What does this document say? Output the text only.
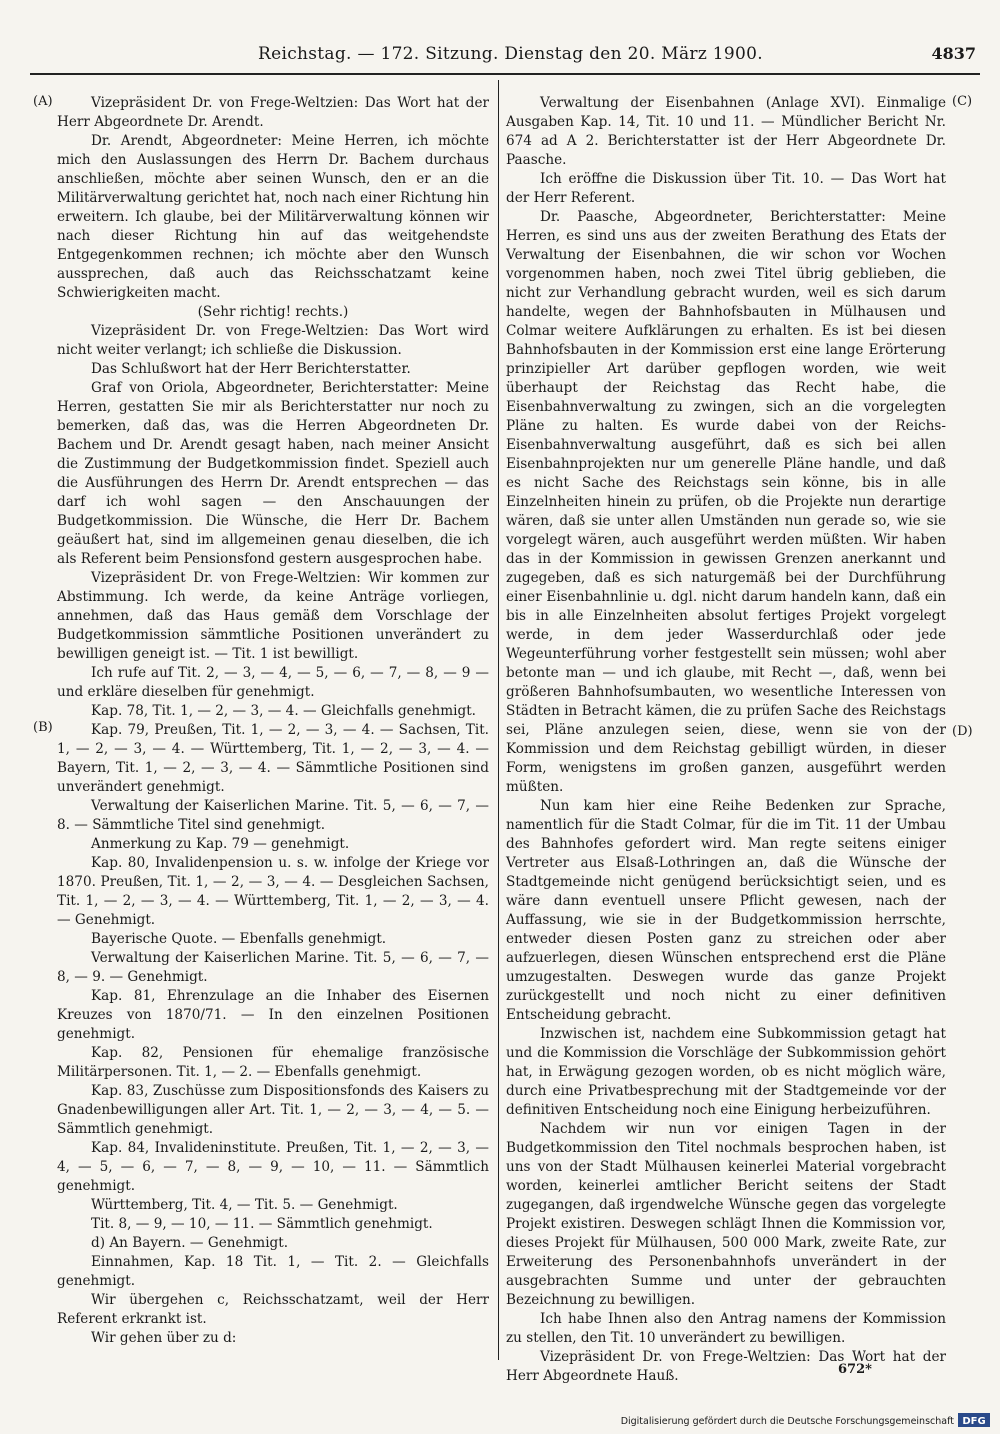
Reichstag. — 172. Sitzung. Dienstag den 20. März 1900.	4837
(A)
(B)
(C)
(D)

Vizepräsident Dr. von Frege-Weltzien: Das Wort hat der Herr Abgeordnete Dr. Arendt.

Dr. Arendt, Abgeordneter: Meine Herren, ich möchte mich den Auslassungen des Herrn Dr. Bachem durchaus anschließen, möchte aber seinen Wunsch, den er an die Militärverwaltung gerichtet hat, noch nach einer Richtung hin erweitern. Ich glaube, bei der Militärverwaltung können wir nach dieser Richtung hin auf das weitgehendste Entgegenkommen rechnen; ich möchte aber den Wunsch aussprechen, daß auch das Reichsschatzamt keine Schwierigkeiten macht.

(Sehr richtig! rechts.)

Vizepräsident Dr. von Frege-Weltzien: Das Wort wird nicht weiter verlangt; ich schließe die Diskussion.

Das Schlußwort hat der Herr Berichterstatter.

Graf von Oriola, Abgeordneter, Berichterstatter: Meine Herren, gestatten Sie mir als Berichterstatter nur noch zu bemerken, daß das, was die Herren Abgeordneten Dr. Bachem und Dr. Arendt gesagt haben, nach meiner Ansicht die Zustimmung der Budgetkommission findet. Speziell auch die Ausführungen des Herrn Dr. Arendt entsprechen — das darf ich wohl sagen — den Anschauungen der Budgetkommission. Die Wünsche, die Herr Dr. Bachem geäußert hat, sind im allgemeinen genau dieselben, die ich als Referent beim Pensionsfond gestern ausgesprochen habe.

Vizepräsident Dr. von Frege-Weltzien: Wir kommen zur Abstimmung. Ich werde, da keine Anträge vorliegen, annehmen, daß das Haus gemäß dem Vorschlage der Budgetkommission sämmtliche Positionen unverändert zu bewilligen geneigt ist. — Tit. 1 ist bewilligt.

Ich rufe auf Tit. 2, — 3, — 4, — 5, — 6, — 7, — 8, — 9 — und erkläre dieselben für genehmigt.

Kap. 78, Tit. 1, — 2, — 3, — 4. — Gleichfalls genehmigt.

Kap. 79, Preußen, Tit. 1, — 2, — 3, — 4. — Sachsen, Tit. 1, — 2, — 3, — 4. — Württemberg, Tit. 1, — 2, — 3, — 4. — Bayern, Tit. 1, — 2, — 3, — 4. — Sämmtliche Positionen sind unverändert genehmigt.

Verwaltung der Kaiserlichen Marine. Tit. 5, — 6, — 7, — 8. — Sämmtliche Titel sind genehmigt.

Anmerkung zu Kap. 79 — genehmigt.

Kap. 80, Invalidenpension u. s. w. infolge der Kriege vor 1870. Preußen, Tit. 1, — 2, — 3, — 4. — Desgleichen Sachsen, Tit. 1, — 2, — 3, — 4. — Württemberg, Tit. 1, — 2, — 3, — 4. — Genehmigt.

Bayerische Quote. — Ebenfalls genehmigt.

Verwaltung der Kaiserlichen Marine. Tit. 5, — 6, — 7, — 8, — 9. — Genehmigt.

Kap. 81, Ehrenzulage an die Inhaber des Eisernen Kreuzes von 1870/71. — In den einzelnen Positionen genehmigt.

Kap. 82, Pensionen für ehemalige französische Militärpersonen. Tit. 1, — 2. — Ebenfalls genehmigt.

Kap. 83, Zuschüsse zum Dispositionsfonds des Kaisers zu Gnadenbewilligungen aller Art. Tit. 1, — 2, — 3, — 4, — 5. — Sämmtlich genehmigt.

Kap. 84, Invalideninstitute. Preußen, Tit. 1, — 2, — 3, — 4, — 5, — 6, — 7, — 8, — 9, — 10, — 11. — Sämmtlich genehmigt.

Württemberg, Tit. 4, — Tit. 5. — Genehmigt.

Tit. 8, — 9, — 10, — 11. — Sämmtlich genehmigt.

d) An Bayern. — Genehmigt.

Einnahmen, Kap. 18 Tit. 1, — Tit. 2. — Gleichfalls genehmigt.

Wir übergehen c, Reichsschatzamt, weil der Herr Referent erkrankt ist.

Wir gehen über zu d:

Verwaltung der Eisenbahnen (Anlage XVI). Einmalige Ausgaben Kap. 14, Tit. 10 und 11. — Mündlicher Bericht Nr. 674 ad A 2. Berichterstatter ist der Herr Abgeordnete Dr. Paasche.

Ich eröffne die Diskussion über Tit. 10. — Das Wort hat der Herr Referent.

Dr. Paasche, Abgeordneter, Berichterstatter: Meine Herren, es sind uns aus der zweiten Berathung des Etats der Verwaltung der Eisenbahnen, die wir schon vor Wochen vorgenommen haben, noch zwei Titel übrig geblieben, die nicht zur Verhandlung gebracht wurden, weil es sich darum handelte, wegen der Bahnhofsbauten in Mülhausen und Colmar weitere Aufklärungen zu erhalten. Es ist bei diesen Bahnhofsbauten in der Kommission erst eine lange Erörterung prinzipieller Art darüber gepflogen worden, wie weit überhaupt der Reichstag das Recht habe, die Eisenbahnverwaltung zu zwingen, sich an die vorgelegten Pläne zu halten. Es wurde dabei von der Reichs-Eisenbahnverwaltung ausgeführt, daß es sich bei allen Eisenbahnprojekten nur um generelle Pläne handle, und daß es nicht Sache des Reichstags sein könne, bis in alle Einzelnheiten hinein zu prüfen, ob die Projekte nun derartige wären, daß sie unter allen Umständen nun gerade so, wie sie vorgelegt wären, auch ausgeführt werden müßten. Wir haben das in der Kommission in gewissen Grenzen anerkannt und zugegeben, daß es sich naturgemäß bei der Durchführung einer Eisenbahnlinie u. dgl. nicht darum handeln kann, daß ein bis in alle Einzelnheiten absolut fertiges Projekt vorgelegt werde, in dem jeder Wasserdurchlaß oder jede Wegeunterführung vorher festgestellt sein müssen; wohl aber betonte man — und ich glaube, mit Recht —, daß, wenn bei größeren Bahnhofsumbauten, wo wesentliche Interessen von Städten in Betracht kämen, die zu prüfen Sache des Reichstags sei, Pläne anzulegen seien, diese, wenn sie von der Kommission und dem Reichstag gebilligt würden, in dieser Form, wenigstens im großen ganzen, ausgeführt werden müßten.

Nun kam hier eine Reihe Bedenken zur Sprache, namentlich für die Stadt Colmar, für die im Tit. 11 der Umbau des Bahnhofes gefordert wird. Man regte seitens einiger Vertreter aus Elsaß-Lothringen an, daß die Wünsche der Stadtgemeinde nicht genügend berücksichtigt seien, und es wäre dann eventuell unsere Pflicht gewesen, nach der Auffassung, wie sie in der Budgetkommission herrschte, entweder diesen Posten ganz zu streichen oder aber aufzuerlegen, diesen Wünschen entsprechend erst die Pläne umzugestalten. Deswegen wurde das ganze Projekt zurückgestellt und noch nicht zu einer definitiven Entscheidung gebracht.

Inzwischen ist, nachdem eine Subkommission getagt hat und die Kommission die Vorschläge der Subkommission gehört hat, in Erwägung gezogen worden, ob es nicht möglich wäre, durch eine Privatbesprechung mit der Stadtgemeinde vor der definitiven Entscheidung noch eine Einigung herbeizuführen.

Nachdem wir nun vor einigen Tagen in der Budgetkommission den Titel nochmals besprochen haben, ist uns von der Stadt Mülhausen keinerlei Material vorgebracht worden, keinerlei amtlicher Bericht seitens der Stadt zugegangen, daß irgendwelche Wünsche gegen das vorgelegte Projekt existiren. Deswegen schlägt Ihnen die Kommission vor, dieses Projekt für Mülhausen, 500 000 Mark, zweite Rate, zur Erweiterung des Personenbahnhofs unverändert in der ausgebrachten Summe und unter der gebrauchten Bezeichnung zu bewilligen.

Ich habe Ihnen also den Antrag namens der Kommission zu stellen, den Tit. 10 unverändert zu bewilligen.

Vizepräsident Dr. von Frege-Weltzien: Das Wort hat der Herr Abgeordnete Hauß.	672*
Digitalisierung gefördert durch die Deutsche Forschungsgemeinschaft DFG
